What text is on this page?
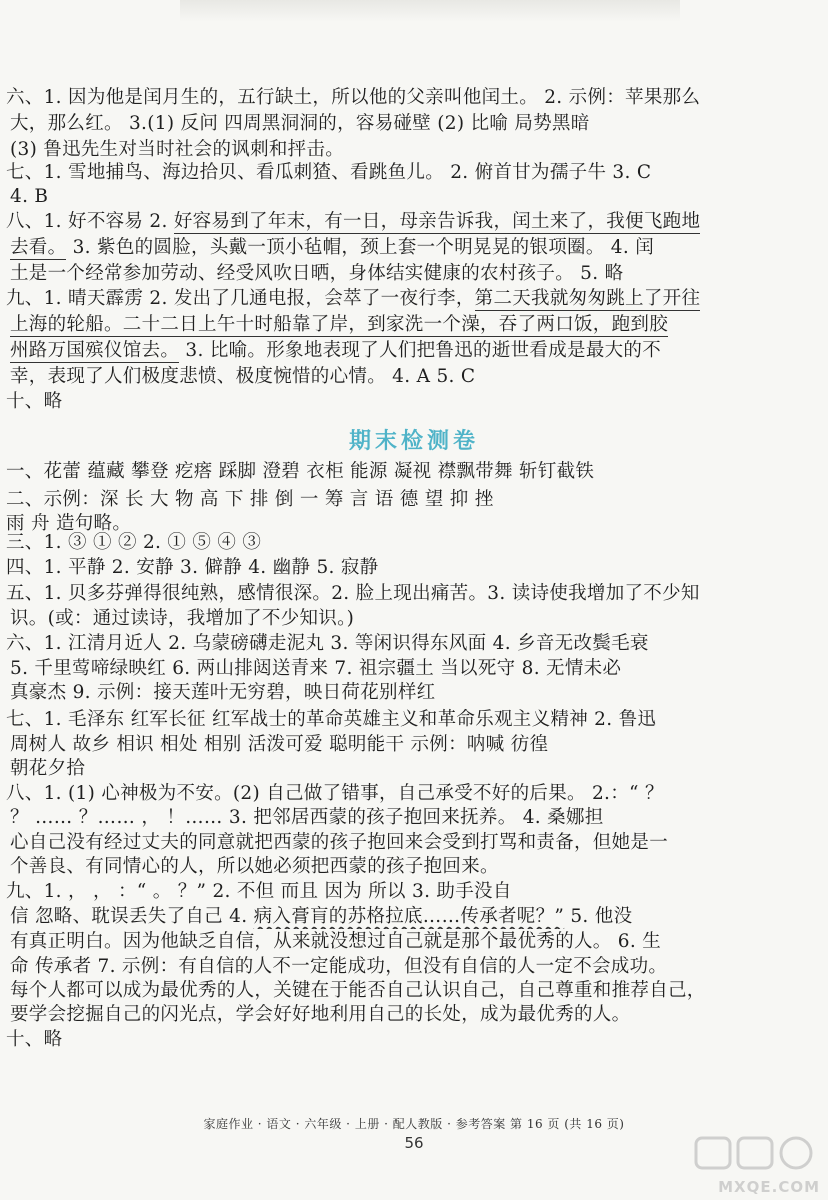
六、1. 因为他是闰月生的，五行缺土，所以他的父亲叫他闰土。 2. 示例：苹果那么
大，那么红。 3.(1) 反问 四周黑洞洞的，容易碰壁 (2) 比喻 局势黑暗
(3) 鲁迅先生对当时社会的讽刺和抨击。
七、1. 雪地捕鸟、海边拾贝、看瓜刺猹、看跳鱼儿。 2. 俯首甘为孺子牛 3. C
4. B
八、1. 好不容易 2. 好容易到了年末，有一日，母亲告诉我，闰土来了，我便飞跑地
去看。 3. 紫色的圆脸，头戴一顶小毡帽，颈上套一个明晃晃的银项圈。 4. 闰
土是一个经常参加劳动、经受风吹日晒，身体结实健康的农村孩子。 5. 略
九、1. 晴天霹雳 2. 发出了几通电报，会萃了一夜行李，第二天我就匆匆跳上了开往
上海的轮船。二十二日上午十时船靠了岸，到家洗一个澡，吞了两口饭，跑到胶
州路万国殡仪馆去。 3. 比喻。形象地表现了人们把鲁迅的逝世看成是最大的不
幸，表现了人们极度悲愤、极度惋惜的心情。 4. A 5. C
十、略
期末检测卷
一、花蕾 蕴藏 攀登 疙瘩 踩脚 澄碧 衣柜 能源 凝视 襟飘带舞 斩钉截铁
二、示例：深 长 大 物 高 下 排 倒 一 筹 言 语 德 望 抑 挫
雨 舟 造句略。
三、1. ③ ① ② 2. ① ⑤ ④ ③
四、1. 平静 2. 安静 3. 僻静 4. 幽静 5. 寂静
五、1. 贝多芬弹得很纯熟，感情很深。2. 脸上现出痛苦。3. 读诗使我增加了不少知
识。(或：通过读诗，我增加了不少知识。)
六、1. 江清月近人 2. 乌蒙磅礴走泥丸 3. 等闲识得东风面 4. 乡音无改鬓毛衰
5. 千里莺啼绿映红 6. 两山排闼送青来 7. 祖宗疆土 当以死守 8. 无情未必
真豪杰 9. 示例：接天莲叶无穷碧，映日荷花别样红
七、1. 毛泽东 红军长征 红军战士的革命英雄主义和革命乐观主义精神 2. 鲁迅
周树人 故乡 相识 相处 相别 活泼可爱 聪明能干 示例：呐喊 彷徨
朝花夕拾
八、1. (1) 心神极为不安。(2) 自己做了错事，自己承受不好的后果。 2.：“ ？
？ …… ？…… ， ！…… 3. 把邻居西蒙的孩子抱回来抚养。 4. 桑娜担
心自己没有经过丈夫的同意就把西蒙的孩子抱回来会受到打骂和责备，但她是一
个善良、有同情心的人，所以她必须把西蒙的孩子抱回来。
九、1. ， ， ：“ 。 ？” 2. 不但 而且 因为 所以 3. 助手没自
信 忽略、耽误丢失了自己 4. 病入膏肓的苏格拉底……传承者呢？” 5. 他没
有真正明白。因为他缺乏自信，从来就没想过自己就是那个最优秀的人。 6. 生
命 传承者 7. 示例：有自信的人不一定能成功，但没有自信的人一定不会成功。
每个人都可以成为最优秀的人，关键在于能否自己认识自己，自己尊重和推荐自己，
要学会挖掘自己的闪光点，学会好好地利用自己的长处，成为最优秀的人。
十、略
家庭作业 · 语文 · 六年级 · 上册 · 配人教版 · 参考答案 第 16 页 (共 16 页)
56
MXQE.COM
